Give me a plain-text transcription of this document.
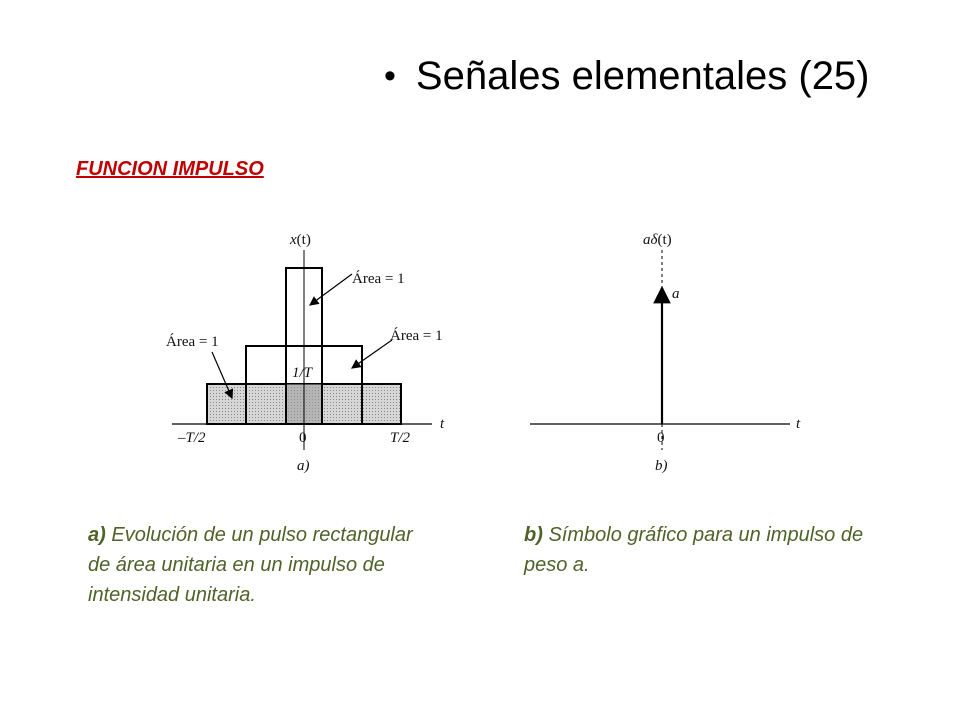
• Señales elementales (25)
FUNCION IMPULSO
x(t)
Área = 1
Área = 1	Área = 1
1/T
t
–T/2	0	T/2
a)
aδ(t)
a
t
0
b)
a) Evolución de un pulso rectangular de área unitaria en un impulso de intensidad unitaria.
b) Símbolo gráfico para un impulso de peso a.
